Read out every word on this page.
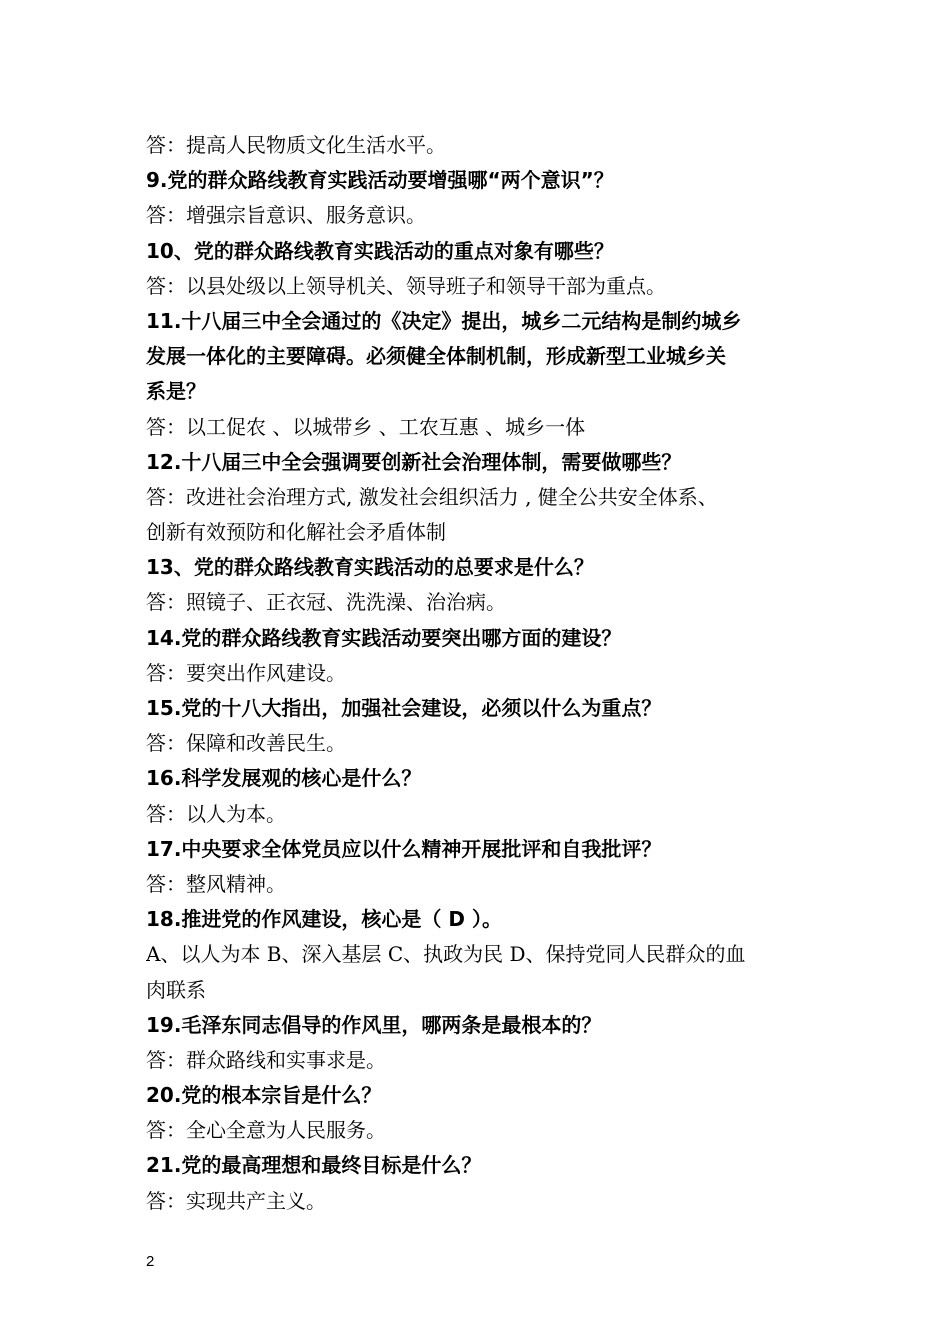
答：提高人民物质文化生活水平。
9.党的群众路线教育实践活动要增强哪“两个意识”？
答：增强宗旨意识、服务意识。
10、党的群众路线教育实践活动的重点对象有哪些？
答：以县处级以上领导机关、领导班子和领导干部为重点。
11.十八届三中全会通过的《决定》提出，城乡二元结构是制约城乡
发展一体化的主要障碍。必须健全体制机制，形成新型工业城乡关
系是？
答：以工促农 、以城带乡 、工农互惠 、城乡一体
12.十八届三中全会强调要创新社会治理体制，需要做哪些？
答：改进社会治理方式, 激发社会组织活力 , 健全公共安全体系、
创新有效预防和化解社会矛盾体制
13、党的群众路线教育实践活动的总要求是什么？
答：照镜子、正衣冠、洗洗澡、治治病。
14.党的群众路线教育实践活动要突出哪方面的建设？
答：要突出作风建设。
15.党的十八大指出，加强社会建设，必须以什么为重点？
答：保障和改善民生。
16.科学发展观的核心是什么？
答：以人为本。
17.中央要求全体党员应以什么精神开展批评和自我批评？
答：整风精神。
18.推进党的作风建设，核心是（ D ）。
A、以人为本 B、深入基层 C、执政为民 D、保持党同人民群众的血
肉联系
19.毛泽东同志倡导的作风里，哪两条是最根本的？
答：群众路线和实事求是。
20.党的根本宗旨是什么？
答：全心全意为人民服务。
21.党的最高理想和最终目标是什么？
答：实现共产主义。
2
